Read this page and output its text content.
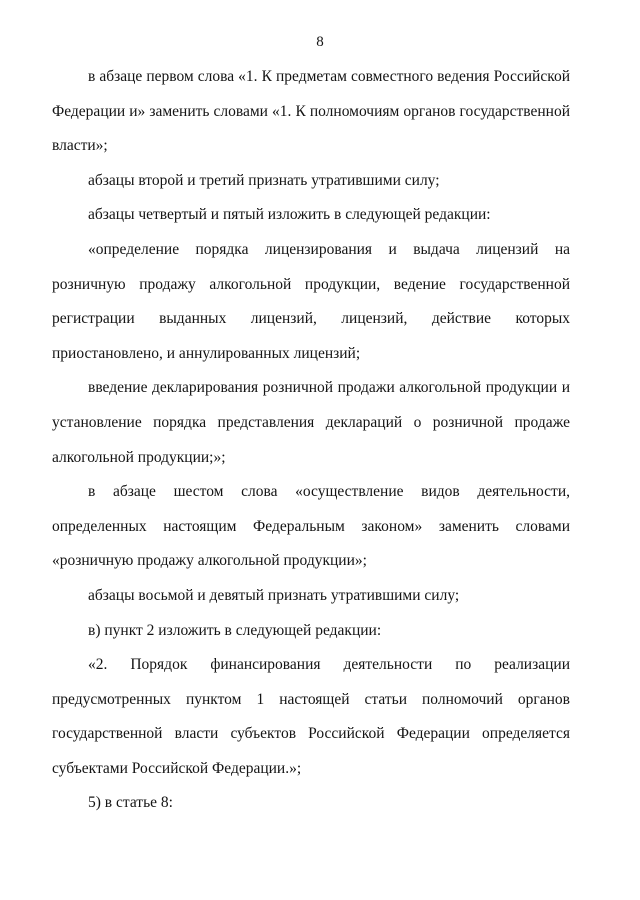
8

в абзаце первом слова «1. К предметам совместного ведения Российской Федерации и» заменить словами «1. К полномочиям органов государственной власти»;

абзацы второй и третий признать утратившими силу;

абзацы четвертый и пятый изложить в следующей редакции:

«определение порядка лицензирования и выдача лицензий на розничную продажу алкогольной продукции, ведение государственной регистрации выданных лицензий, лицензий, действие которых приостановлено, и аннулированных лицензий;

введение декларирования розничной продажи алкогольной продукции и установление порядка представления деклараций о розничной продаже алкогольной продукции;»;

в абзаце шестом слова «осуществление видов деятельности, определенных настоящим Федеральным законом» заменить словами «розничную продажу алкогольной продукции»;

абзацы восьмой и девятый признать утратившими силу;

в) пункт 2 изложить в следующей редакции:

«2. Порядок финансирования деятельности по реализации предусмотренных пунктом 1 настоящей статьи полномочий органов государственной власти субъектов Российской Федерации определяется субъектами Российской Федерации.»;

5) в статье 8:
